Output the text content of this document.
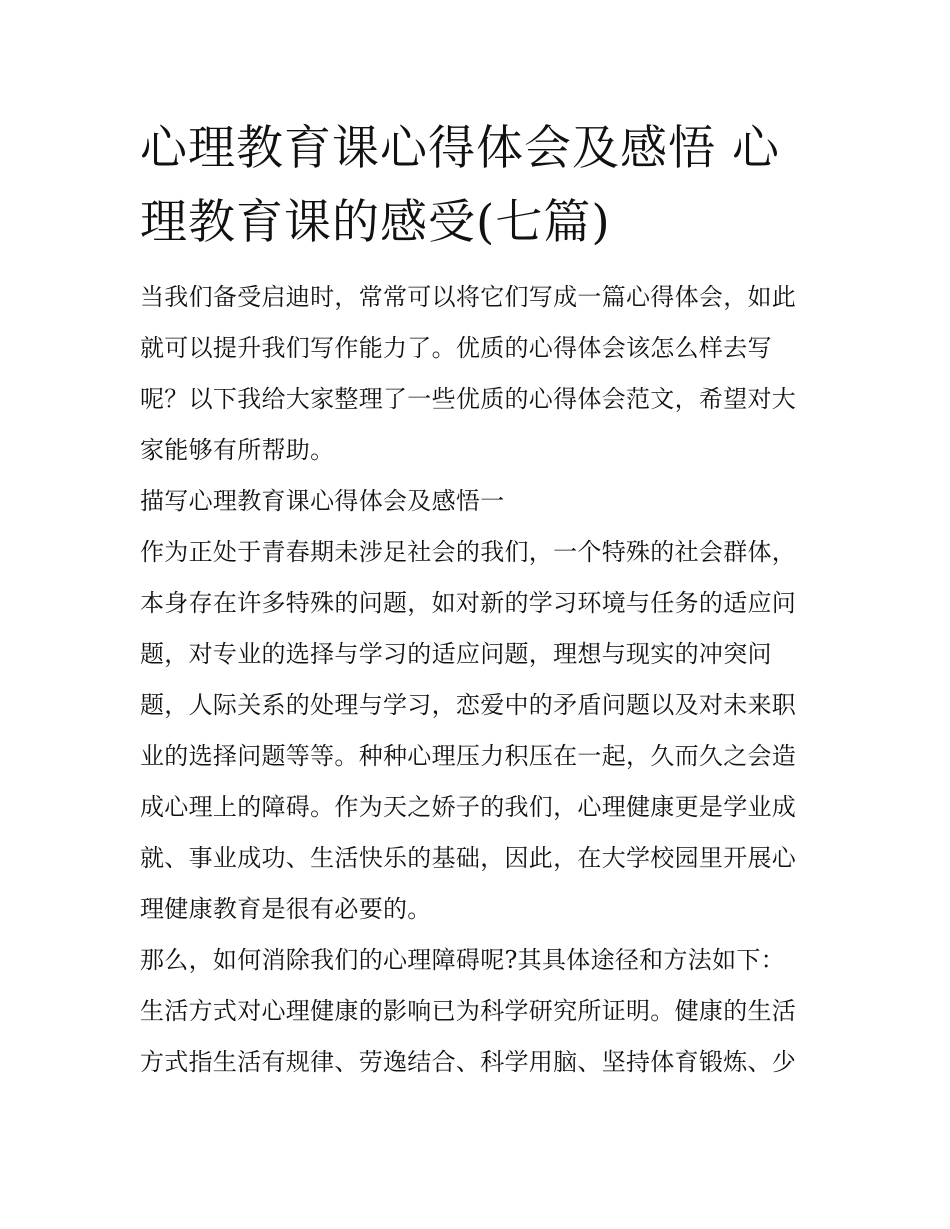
心理教育课心得体会及感悟 心
理教育课的感受(七篇)

当我们备受启迪时，常常可以将它们写成一篇心得体会，如此
就可以提升我们写作能力了。优质的心得体会该怎么样去写
呢？以下我给大家整理了一些优质的心得体会范文，希望对大
家能够有所帮助。

描写心理教育课心得体会及感悟一

作为正处于青春期未涉足社会的我们，一个特殊的社会群体，
本身存在许多特殊的问题，如对新的学习环境与任务的适应问
题，对专业的选择与学习的适应问题，理想与现实的冲突问
题，人际关系的处理与学习，恋爱中的矛盾问题以及对未来职
业的选择问题等等。种种心理压力积压在一起，久而久之会造
成心理上的障碍。作为天之娇子的我们，心理健康更是学业成
就、事业成功、生活快乐的基础，因此，在大学校园里开展心
理健康教育是很有必要的。

那么，如何消除我们的心理障碍呢?其具体途径和方法如下：

生活方式对心理健康的影响已为科学研究所证明。健康的生活
方式指生活有规律、劳逸结合、科学用脑、坚持体育锻炼、少
